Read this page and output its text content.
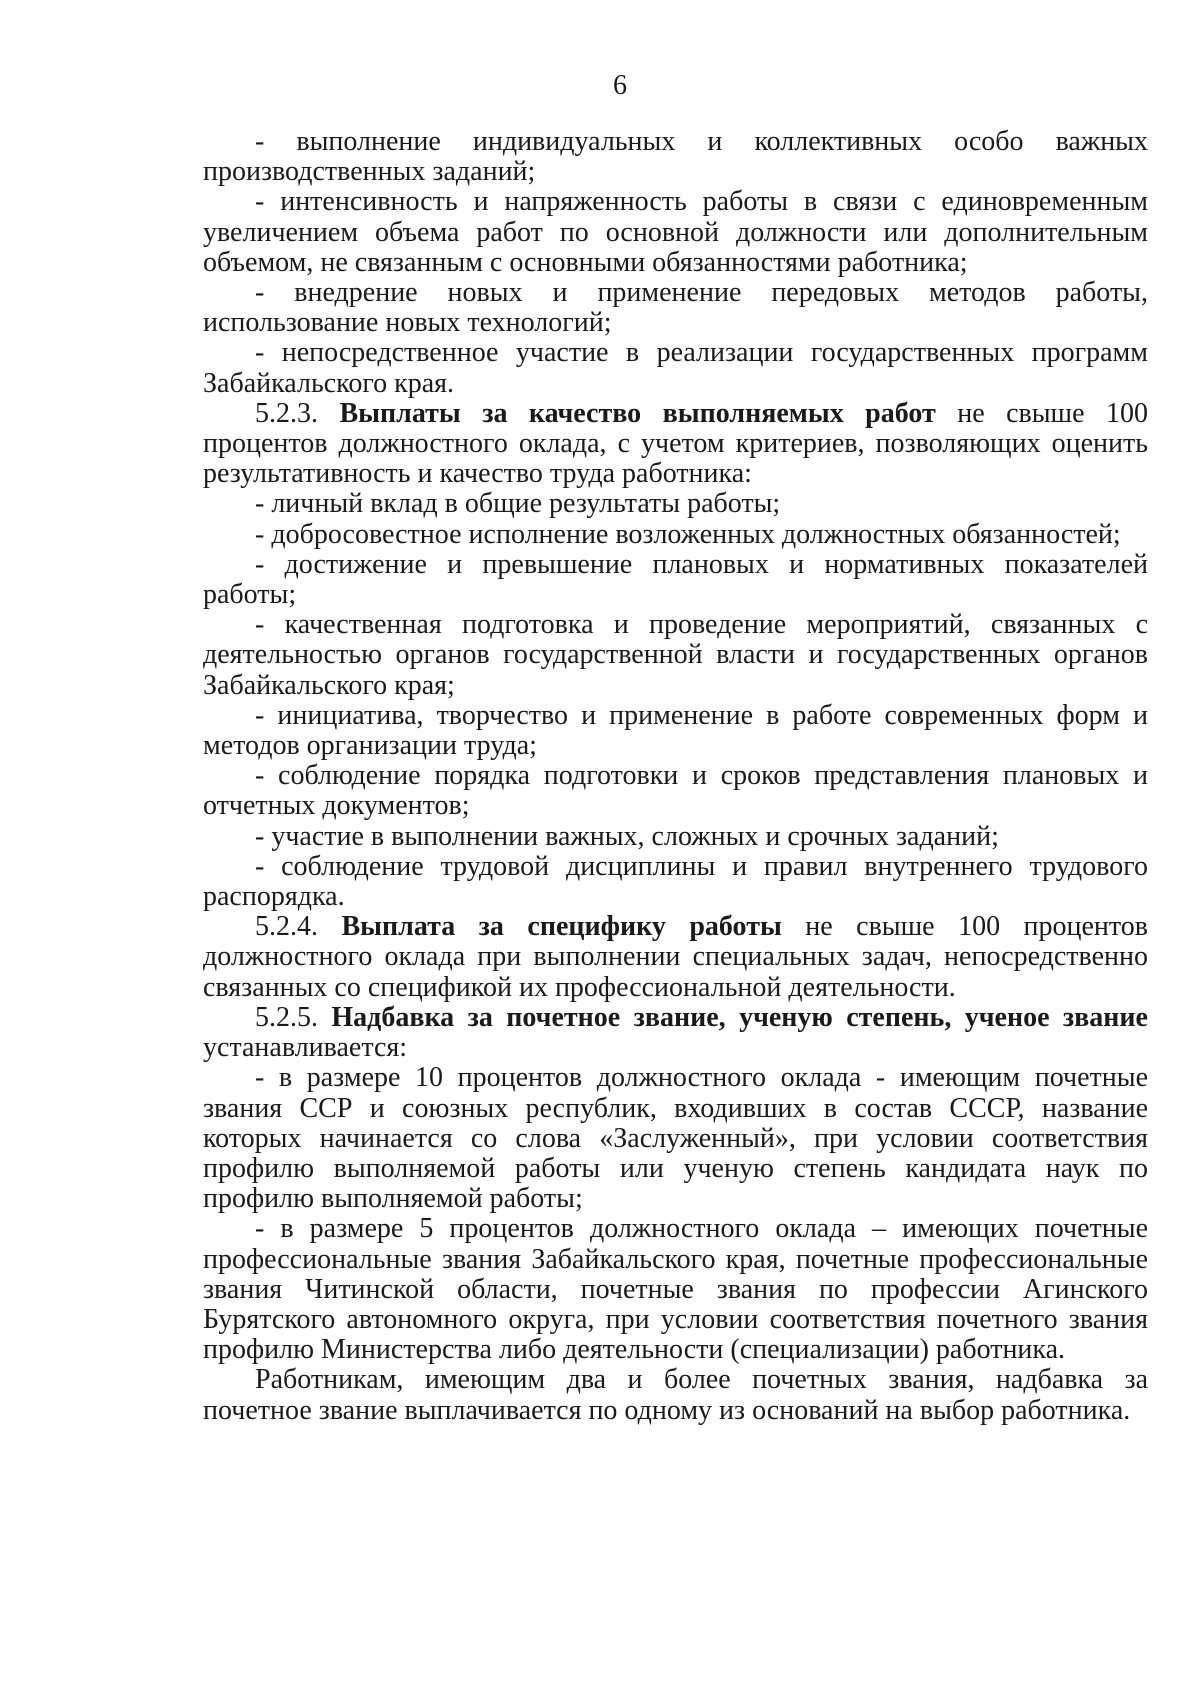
6

- выполнение индивидуальных и коллективных особо важных производственных заданий;

- интенсивность и напряженность работы в связи с единовременным увеличением объема работ по основной должности или дополнительным объемом, не связанным с основными обязанностями работника;

- внедрение новых и применение передовых методов работы, использование новых технологий;

- непосредственное участие в реализации государственных программ Забайкальского края.

5.2.3. Выплаты за качество выполняемых работ не свыше 100 процентов должностного оклада, с учетом критериев, позволяющих оценить результативность и качество труда работника:

- личный вклад в общие результаты работы;

- добросовестное исполнение возложенных должностных обязанностей;

- достижение и превышение плановых и нормативных показателей работы;

- качественная подготовка и проведение мероприятий, связанных с деятельностью органов государственной власти и государственных органов Забайкальского края;

- инициатива, творчество и применение в работе современных форм и методов организации труда;

- соблюдение порядка подготовки и сроков представления плановых и отчетных документов;

- участие в выполнении важных, сложных и срочных заданий;

- соблюдение трудовой дисциплины и правил внутреннего трудового распорядка.

5.2.4. Выплата за специфику работы не свыше 100 процентов должностного оклада при выполнении специальных задач, непосредственно связанных со спецификой их профессиональной деятельности.

5.2.5. Надбавка за почетное звание, ученую степень, ученое звание устанавливается:

- в размере 10 процентов должностного оклада - имеющим почетные звания ССР и союзных республик, входивших в состав СССР, название которых начинается со слова «Заслуженный», при условии соответствия профилю выполняемой работы или ученую степень кандидата наук по профилю выполняемой работы;

- в размере 5 процентов должностного оклада – имеющих почетные профессиональные звания Забайкальского края, почетные профессиональные звания Читинской области, почетные звания по профессии Агинского Бурятского автономного округа, при условии соответствия почетного звания профилю Министерства либо деятельности (специализации) работника.

Работникам, имеющим два и более почетных звания, надбавка за почетное звание выплачивается по одному из оснований на выбор работника.
